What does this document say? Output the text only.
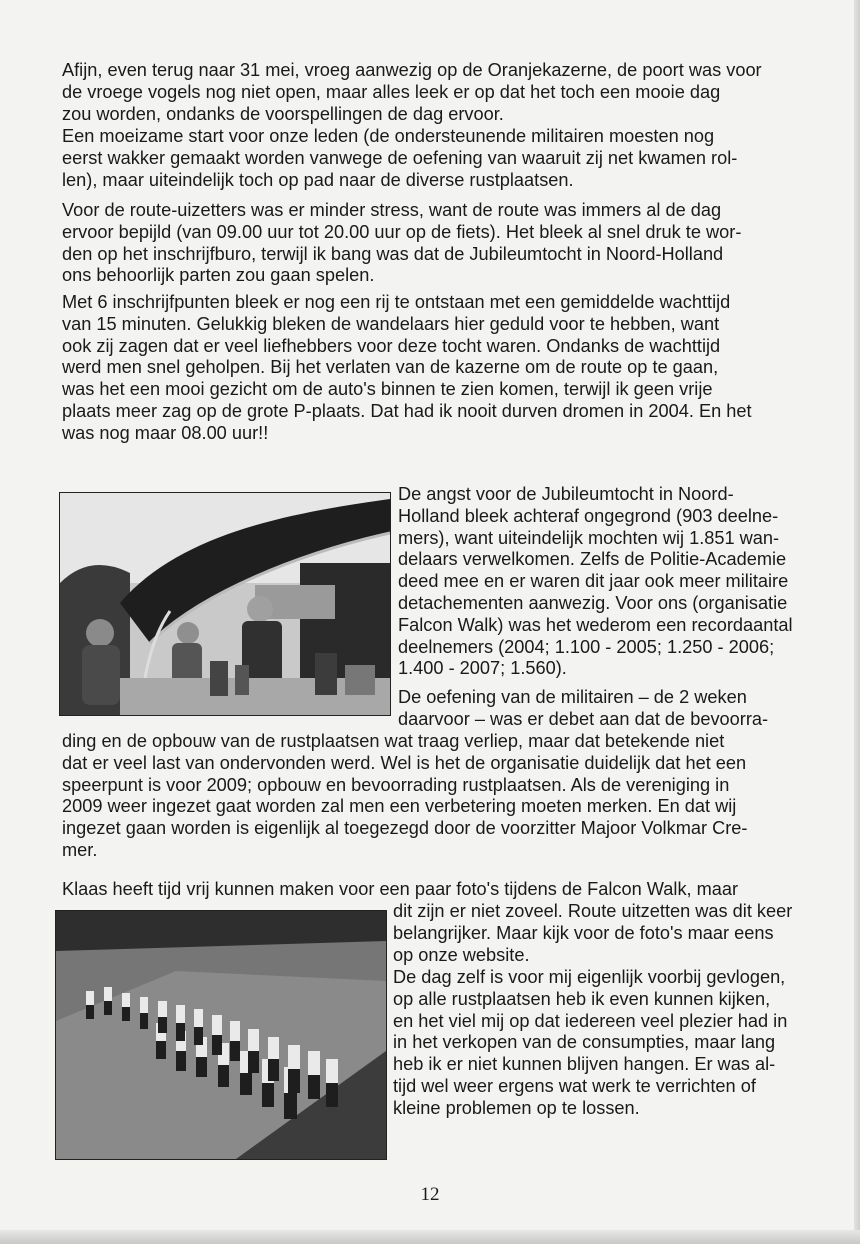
Afijn, even terug naar 31 mei, vroeg aanwezig op de Oranjekazerne, de poort was voor
de vroege vogels nog niet open, maar alles leek er op dat het toch een mooie dag
zou worden, ondanks de voorspellingen de dag ervoor.

Een moeizame start voor onze leden (de ondersteunende militairen moesten nog
eerst wakker gemaakt worden vanwege de oefening van waaruit zij net kwamen rol-
len), maar uiteindelijk toch op pad naar de diverse rustplaatsen.

Voor de route-uizetters was er minder stress, want de route was immers al de dag
ervoor bepijld (van 09.00 uur tot 20.00 uur op de fiets). Het bleek al snel druk te wor-
den op het inschrijfburo, terwijl ik bang was dat de Jubileumtocht in Noord-Holland
ons behoorlijk parten zou gaan spelen.

Met 6 inschrijfpunten bleek er nog een rij te ontstaan met een gemiddelde wachttijd
van 15 minuten. Gelukkig bleken de wandelaars hier geduld voor te hebben, want
ook zij zagen dat er veel liefhebbers voor deze tocht waren. Ondanks de wachttijd
werd men snel geholpen. Bij het verlaten van de kazerne om de route op te gaan,
was het een mooi gezicht om de auto's binnen te zien komen, terwijl ik geen vrije
plaats meer zag op de grote P-plaats. Dat had ik nooit durven dromen in 2004. En het
was nog maar 08.00 uur!!

De angst voor de Jubileumtocht in Noord-
Holland bleek achteraf ongegrond (903 deelne-
mers), want uiteindelijk mochten wij 1.851 wan-
delaars verwelkomen. Zelfs de Politie-Academie
deed mee en er waren dit jaar ook meer militaire
detachementen aanwezig. Voor ons (organisatie
Falcon Walk) was het wederom een recordaantal
deelnemers (2004; 1.100 - 2005; 1.250 - 2006;
1.400 - 2007; 1.560).

De oefening van de militairen – de 2 weken
daarvoor – was er debet aan dat de bevoorra-

ding en de opbouw van de rustplaatsen wat traag verliep, maar dat betekende niet
dat er veel last van ondervonden werd. Wel is het de organisatie duidelijk dat het een
speerpunt is voor 2009; opbouw en bevoorrading rustplaatsen. Als de vereniging in
2009 weer ingezet gaat worden zal men een verbetering moeten merken. En dat wij
ingezet gaan worden is eigenlijk al toegezegd door de voorzitter Majoor Volkmar Cre-
mer.

Klaas heeft tijd vrij kunnen maken voor een paar foto's tijdens de Falcon Walk, maar

dit zijn er niet zoveel. Route uitzetten was dit keer
belangrijker. Maar kijk voor de foto's maar eens
op onze website.

De dag zelf is voor mij eigenlijk voorbij gevlogen,
op alle rustplaatsen heb ik even kunnen kijken,
en het viel mij op dat iedereen veel plezier had in
in het verkopen van de consumpties, maar lang
heb ik er niet kunnen blijven hangen. Er was al-
tijd wel weer ergens wat werk te verrichten of
kleine problemen op te lossen.

12
